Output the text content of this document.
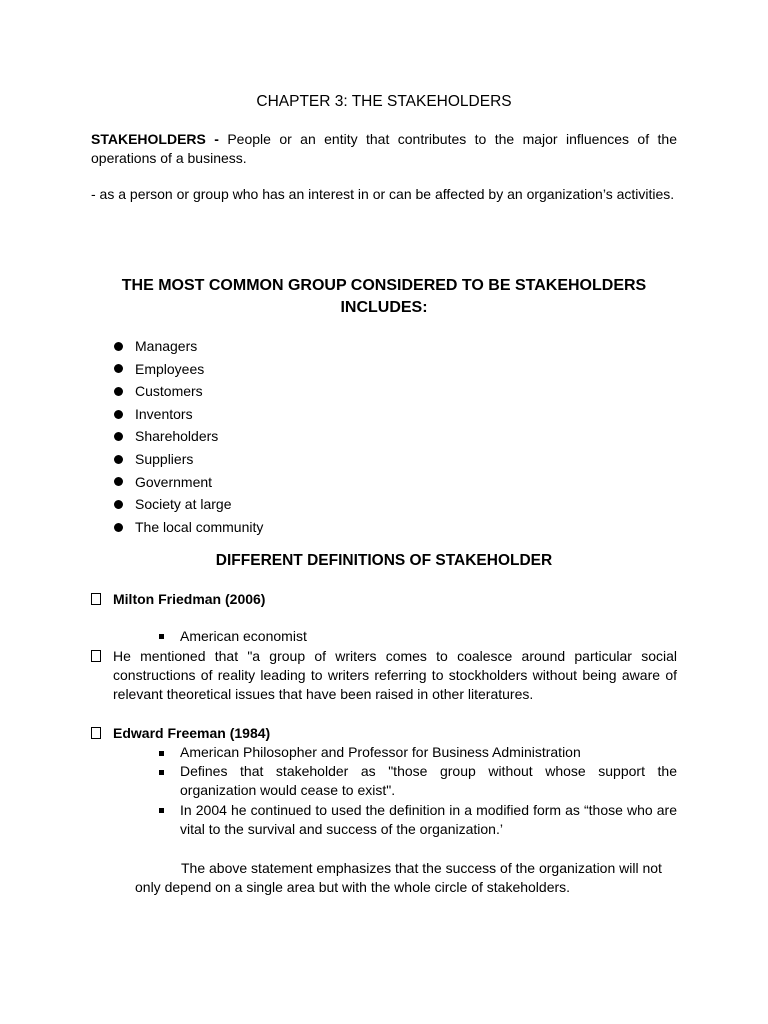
CHAPTER 3: THE STAKEHOLDERS
STAKEHOLDERS - People or an entity that contributes to the major influences of the operations of a business.
- as a person or group who has an interest in or can be affected by an organization’s activities.
THE MOST COMMON GROUP CONSIDERED TO BE STAKEHOLDERS INCLUDES:
Managers
Employees
Customers
Inventors
Shareholders
Suppliers
Government
Society at large
The local community
DIFFERENT DEFINITIONS OF STAKEHOLDER
Milton Friedman (2006)
American economist
He mentioned that "a group of writers comes to coalesce around particular social constructions of reality leading to writers referring to stockholders without being aware of relevant theoretical issues that have been raised in other literatures.
Edward Freeman (1984)
American Philosopher and Professor for Business Administration
Defines that stakeholder as "those group without whose support the organization would cease to exist".
In 2004 he continued to used the definition in a modified form as “those who are vital to the survival and success of the organization.’
The above statement emphasizes that the success of the organization will not only depend on a single area but with the whole circle of stakeholders.
